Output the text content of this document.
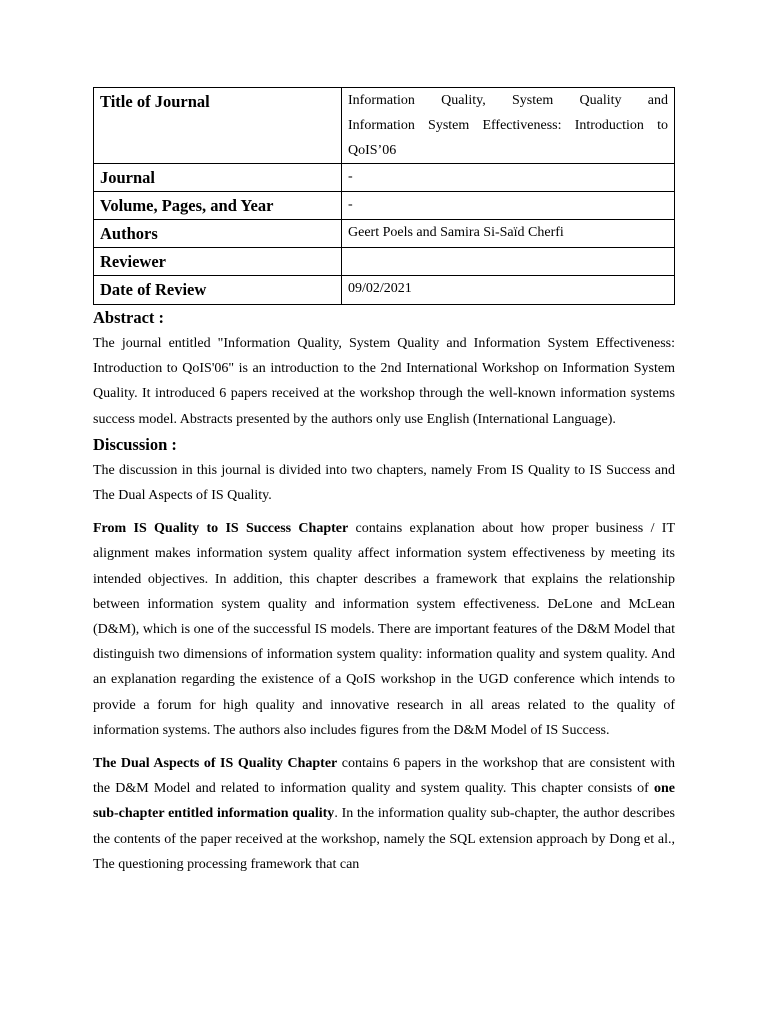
Title of Journal	Information Quality, System Quality and
Information System Effectiveness: Introduction to
QoIS’06

Journal	-
Volume, Pages, and Year	-
Authors	Geert Poels and Samira Si-Saïd Cherfi
Reviewer	
Date of Review	09/02/2021
Abstract :

The journal entitled "Information Quality, System Quality and Information System Effectiveness: Introduction to QoIS'06" is an introduction to the 2nd International Workshop on Information System Quality. It introduced 6 papers received at the workshop through the well-known information systems success model. Abstracts presented by the authors only use English (International Language).

Discussion :

The discussion in this journal is divided into two chapters, namely From IS Quality to IS Success and The Dual Aspects of IS Quality.

From IS Quality to IS Success Chapter contains explanation about how proper business / IT alignment makes information system quality affect information system effectiveness by meeting its intended objectives. In addition, this chapter describes a framework that explains the relationship between information system quality and information system effectiveness. DeLone and McLean (D&M), which is one of the successful IS models. There are important features of the D&M Model that distinguish two dimensions of information system quality: information quality and system quality. And an explanation regarding the existence of a QoIS workshop in the UGD conference which intends to provide a forum for high quality and innovative research in all areas related to the quality of information systems. The authors also includes figures from the D&M Model of IS Success.

The Dual Aspects of IS Quality Chapter contains 6 papers in the workshop that are consistent with the D&M Model and related to information quality and system quality. This chapter consists of one sub-chapter entitled information quality. In the information quality sub-chapter, the author describes the contents of the paper received at the workshop, namely the SQL extension approach by Dong et al., The questioning processing framework that can
